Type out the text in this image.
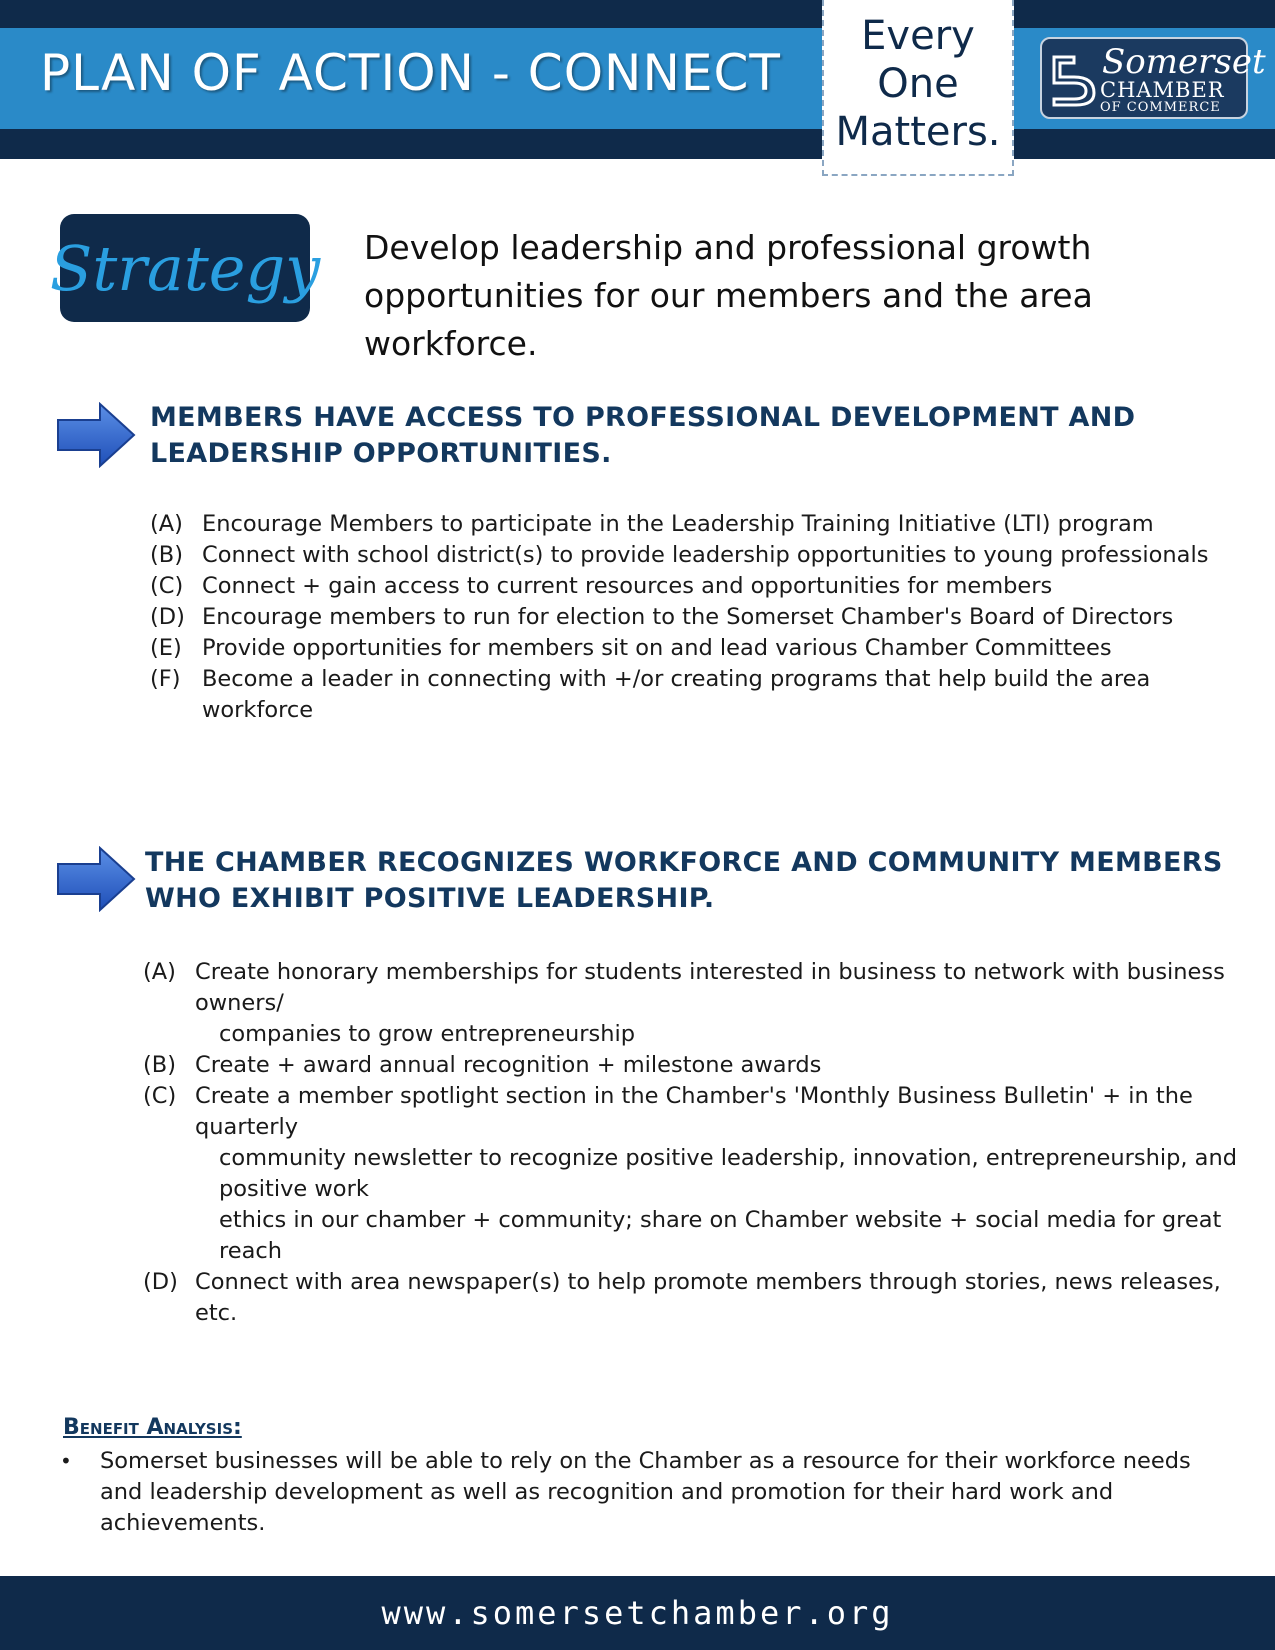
PLAN OF ACTION - CONNECT
Every
One
Matters.
Somerset
CHAMBER
OF COMMERCE
Strategy Develop leadership and professional growth opportunities for our members and the area workforce.
MEMBERS HAVE ACCESS TO PROFESSIONAL DEVELOPMENT AND LEADERSHIP OPPORTUNITIES.
(A) Encourage Members to participate in the Leadership Training Initiative (LTI) program
(B) Connect with school district(s) to provide leadership opportunities to young professionals
(C) Connect + gain access to current resources and opportunities for members
(D) Encourage members to run for election to the Somerset Chamber's Board of Directors
(E) Provide opportunities for members sit on and lead various Chamber Committees
(F) Become a leader in connecting with +/or creating programs that help build the area workforce
THE CHAMBER RECOGNIZES WORKFORCE AND COMMUNITY MEMBERS WHO EXHIBIT POSITIVE LEADERSHIP.
(A) Create honorary memberships for students interested in business to network with business owners/
companies to grow entrepreneurship
(B) Create + award annual recognition + milestone awards
(C) Create a member spotlight section in the Chamber's 'Monthly Business Bulletin' + in the quarterly
community newsletter to recognize positive leadership, innovation, entrepreneurship, and positive work
ethics in our chamber + community; share on Chamber website + social media for great reach
(D) Connect with area newspaper(s) to help promote members through stories, news releases, etc.
Benefit Analysis:
•	Somerset businesses will be able to rely on the Chamber as a resource for their workforce needs and leadership development as well as recognition and promotion for their hard work and achievements.
www.somersetchamber.org
